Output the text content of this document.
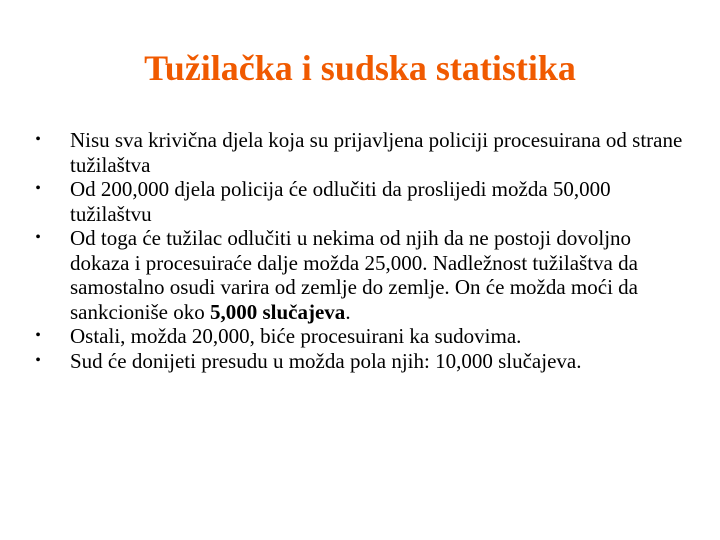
Tužilačka i sudska statistika
• Nisu sva krivična djela koja su prijavljena policiji procesuirana od strane tužilaštva
• Od 200,000 djela policija će odlučiti da proslijedi možda 50,000 tužilaštvu
• Od toga će tužilac odlučiti u nekima od njih da ne postoji dovoljno dokaza i procesuiraće dalje možda 25,000. Nadležnost tužilaštva da samostalno osudi varira od zemlje do zemlje. On će možda moći da sankcioniše oko 5,000 slučajeva.
• Ostali, možda 20,000, biće procesuirani ka sudovima.
• Sud će donijeti presudu u možda pola njih: 10,000 slučajeva.
